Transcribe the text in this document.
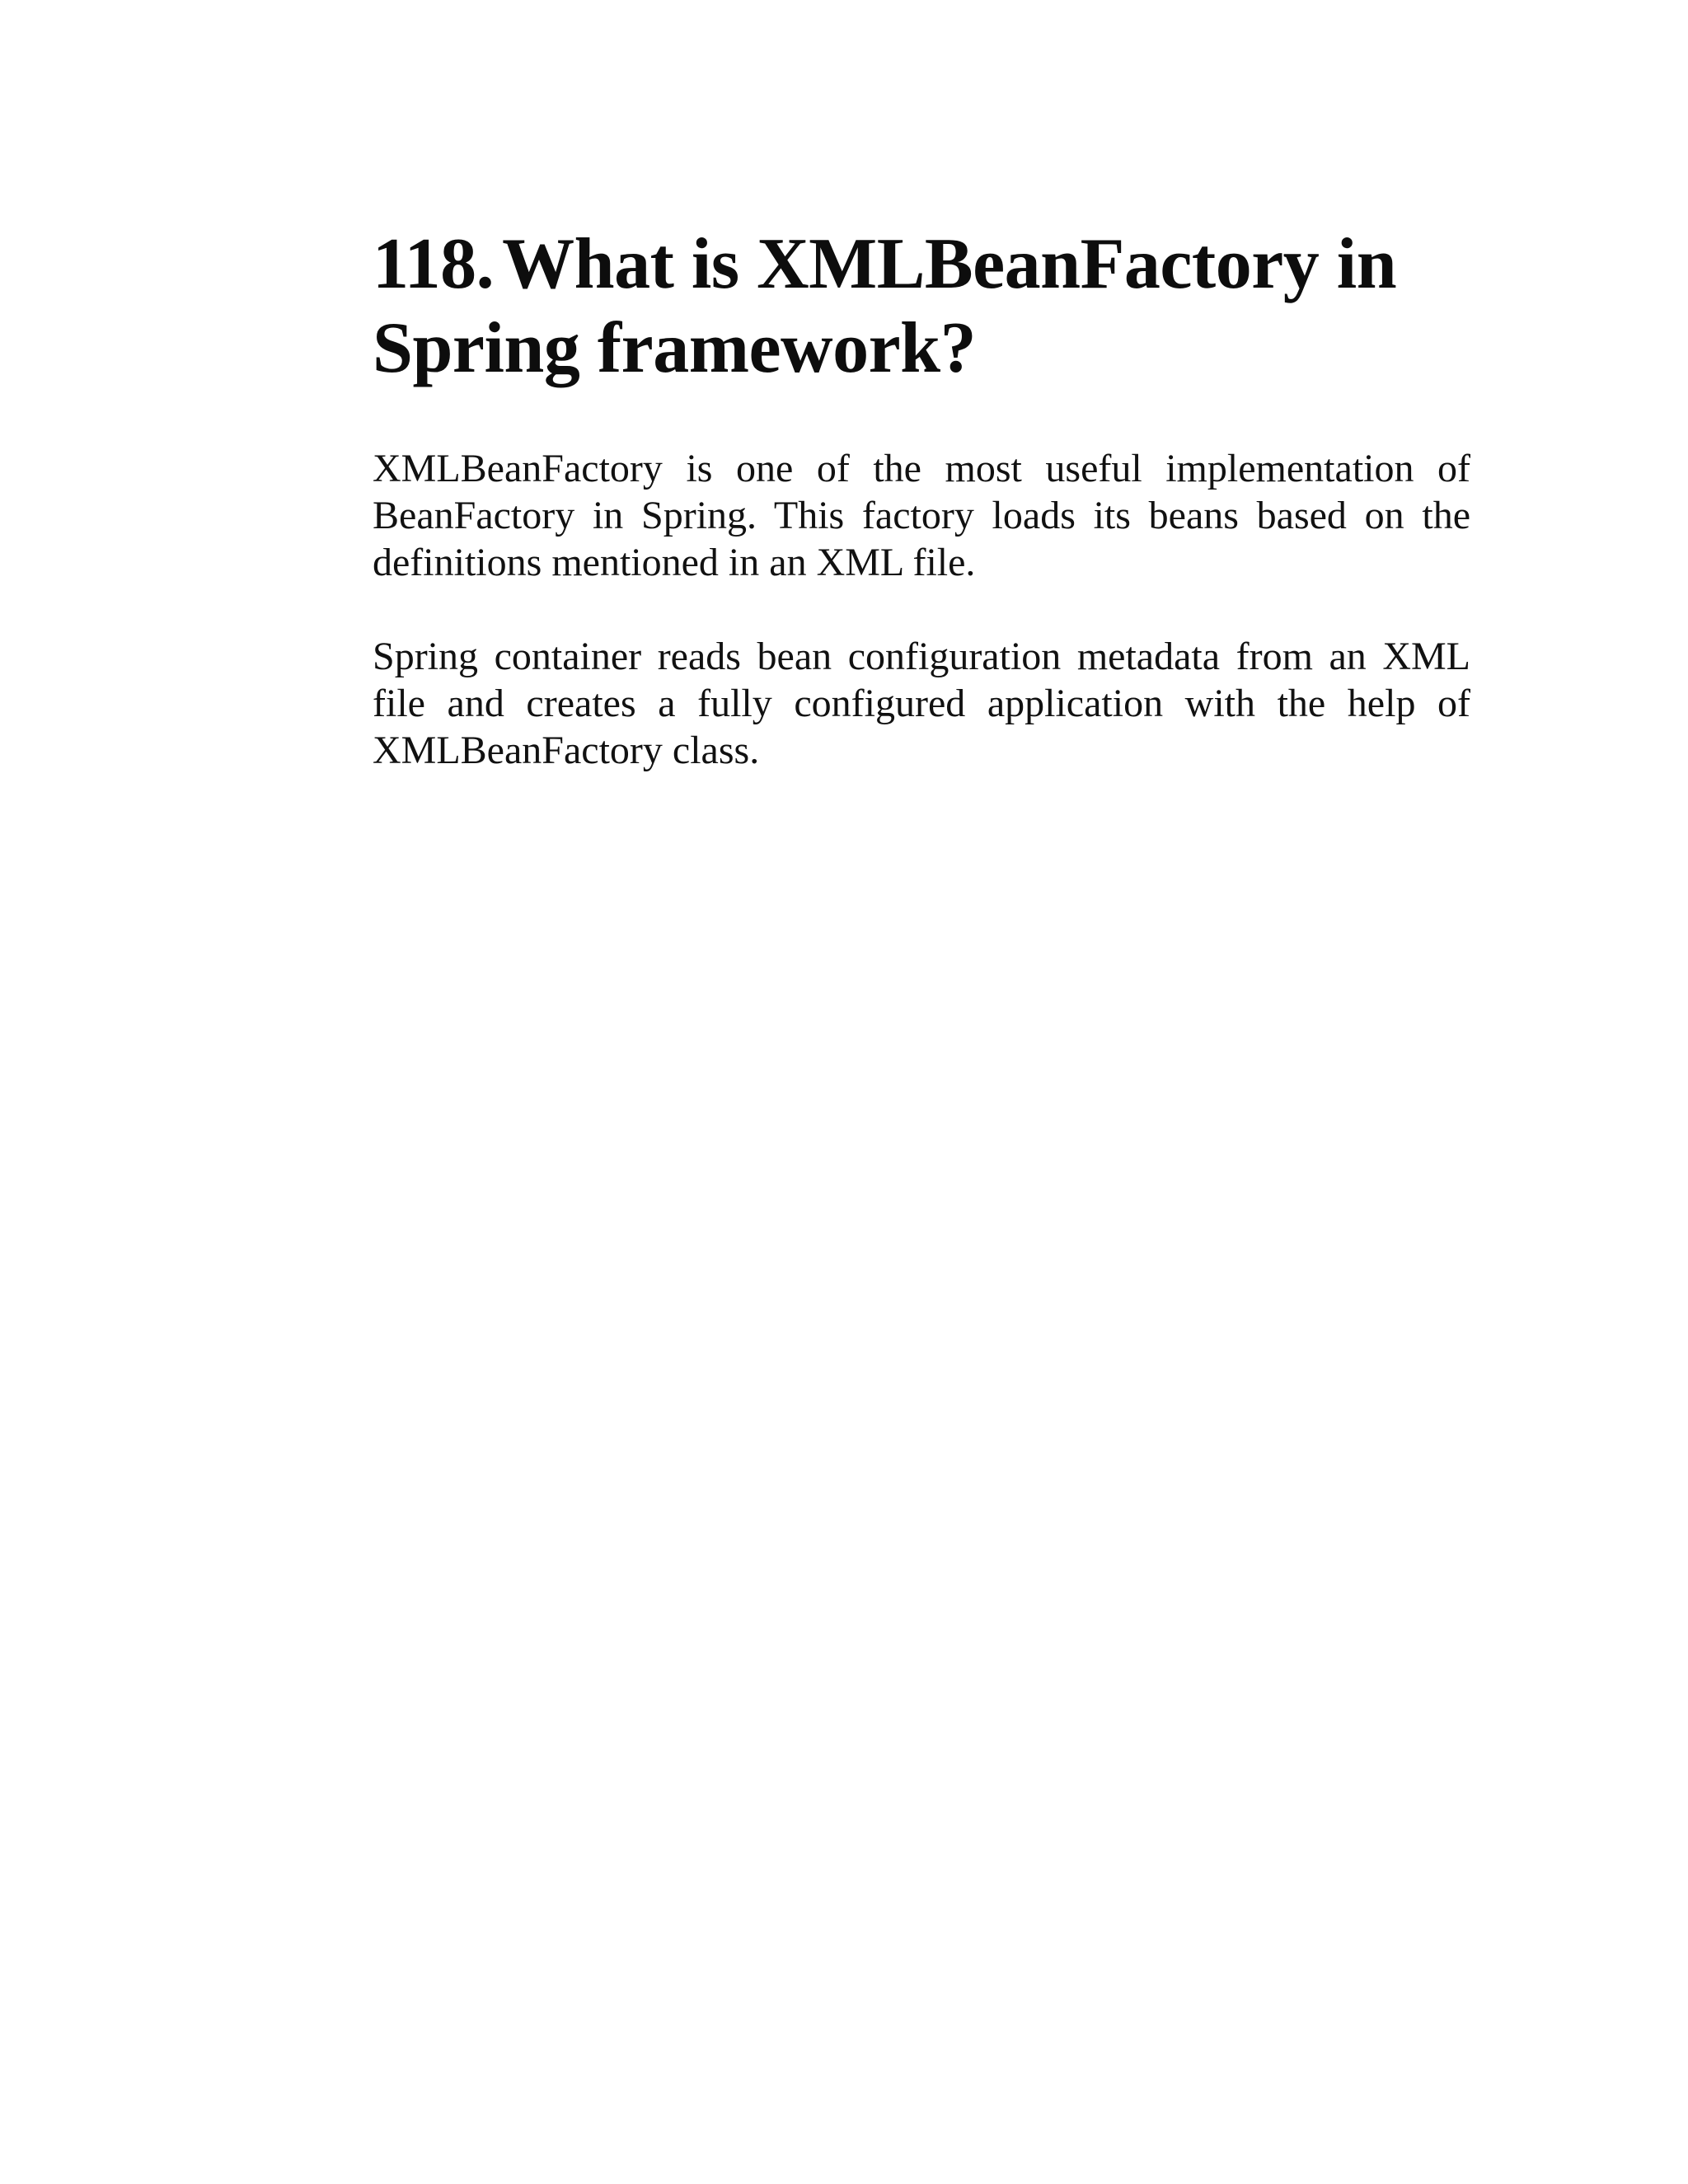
118. What is XMLBeanFactory in Spring framework?

XMLBeanFactory is one of the most useful implementation of BeanFactory in Spring. This factory loads its beans based on the definitions mentioned in an XML file.

Spring container reads bean configuration metadata from an XML file and creates a fully configured application with the help of XMLBeanFactory class.
